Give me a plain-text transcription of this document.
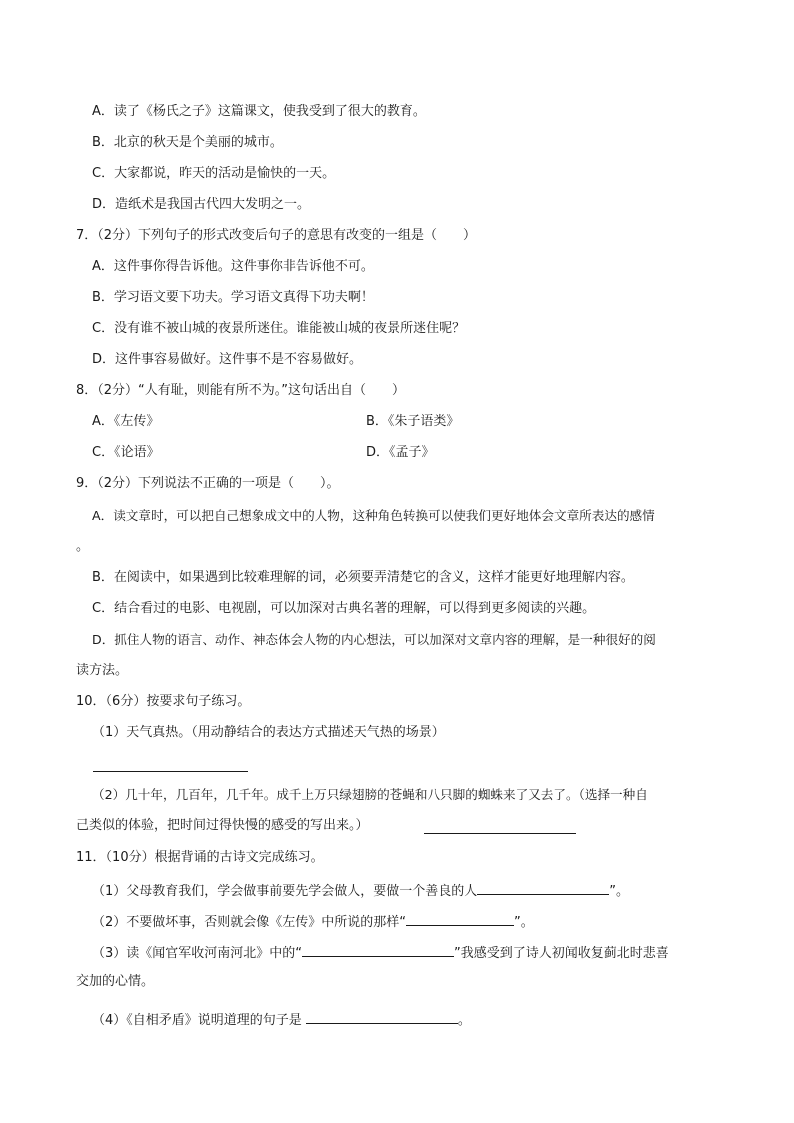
A．读了《杨氏之子》这篇课文，使我受到了很大的教育。
B．北京的秋天是个美丽的城市。
C．大家都说，昨天的活动是愉快的一天。
D．造纸术是我国古代四大发明之一。
7．（2分）下列句子的形式改变后句子的意思有改变的一组是（　　）
A．这件事你得告诉他。这件事你非告诉他不可。
B．学习语文要下功夫。学习语文真得下功夫啊！
C．没有谁不被山城的夜景所迷住。谁能被山城的夜景所迷住呢？
D．这件事容易做好。这件事不是不容易做好。
8．（2分）“人有耻，则能有所不为。”这句话出自（　　）
A．《左传》	B．《朱子语类》
C．《论语》	D．《孟子》
9．（2分）下列说法不正确的一项是（　　）。
A．读文章时，可以把自己想象成文中的人物，这种角色转换可以使我们更好地体会文章所表达的感情
。
B．在阅读中，如果遇到比较难理解的词，必须要弄清楚它的含义，这样才能更好地理解内容。
C．结合看过的电影、电视剧，可以加深对古典名著的理解，可以得到更多阅读的兴趣。
D．抓住人物的语言、动作、神态体会人物的内心想法，可以加深对文章内容的理解，是一种很好的阅
读方法。
10．（6分）按要求句子练习。
（1）天气真热。（用动静结合的表达方式描述天气热的场景）
（2）几十年，几百年，几千年。成千上万只绿翅膀的苍蝇和八只脚的蜘蛛来了又去了。（选择一种自
己类似的体验，把时间过得快慢的感受的写出来。）
11．（10分）根据背诵的古诗文完成练习。
（1）父母教育我们，学会做事前要先学会做人，要做一个善良的人	”。
（2）不要做坏事，否则就会像《左传》中所说的那样“	”。
（3）读《闻官军收河南河北》中的“	”我感受到了诗人初闻收复蓟北时悲喜
交加的心情。
（4）《自相矛盾》说明道理的句子是	。
